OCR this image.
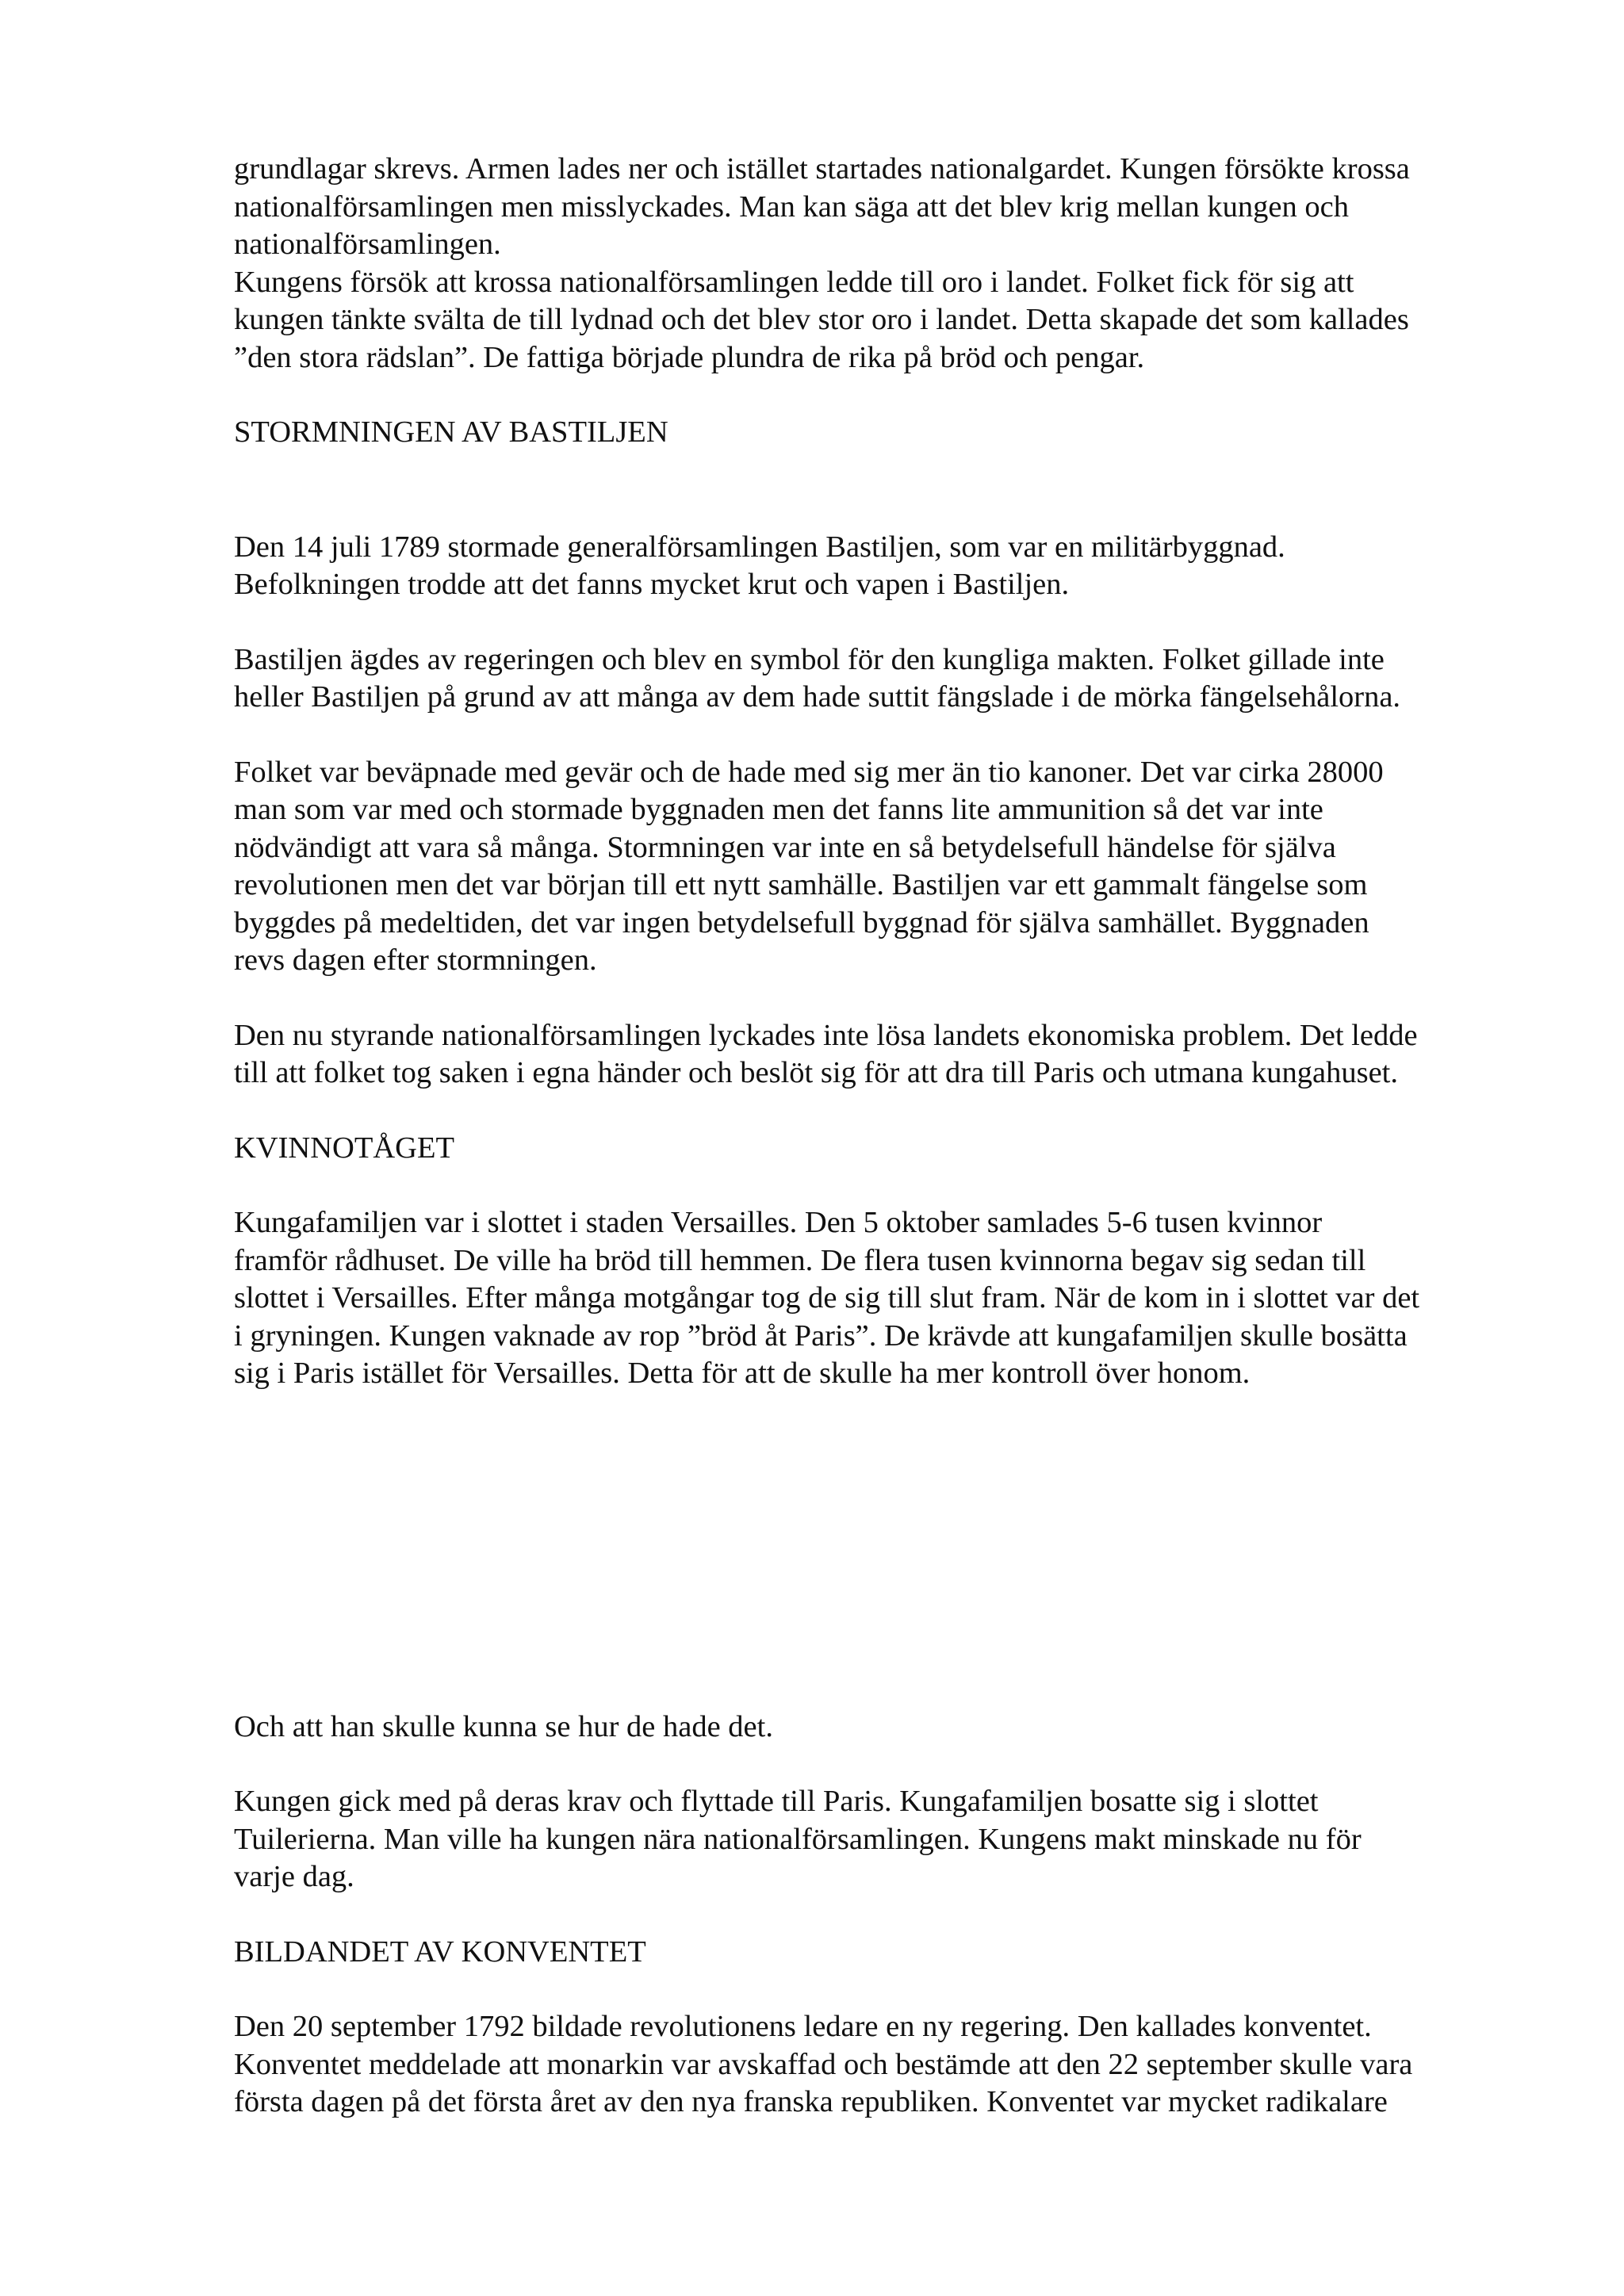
grundlagar skrevs. Armen lades ner och istället startades nationalgardet. Kungen försökte krossa
nationalförsamlingen men misslyckades. Man kan säga att det blev krig mellan kungen och
nationalförsamlingen.
Kungens försök att krossa nationalförsamlingen ledde till oro i landet. Folket fick för sig att
kungen tänkte svälta de till lydnad och det blev stor oro i landet. Detta skapade det som kallades
”den stora rädslan”. De fattiga började plundra de rika på bröd och pengar.

STORMNINGEN AV BASTILJEN

Den 14 juli 1789 stormade generalförsamlingen Bastiljen, som var en militärbyggnad.
Befolkningen trodde att det fanns mycket krut och vapen i Bastiljen.

Bastiljen ägdes av regeringen och blev en symbol för den kungliga makten. Folket gillade inte
heller Bastiljen på grund av att många av dem hade suttit fängslade i de mörka fängelsehålorna.

Folket var beväpnade med gevär och de hade med sig mer än tio kanoner. Det var cirka 28000
man som var med och stormade byggnaden men det fanns lite ammunition så det var inte
nödvändigt att vara så många. Stormningen var inte en så betydelsefull händelse för själva
revolutionen men det var början till ett nytt samhälle. Bastiljen var ett gammalt fängelse som
byggdes på medeltiden, det var ingen betydelsefull byggnad för själva samhället. Byggnaden
revs dagen efter stormningen.

Den nu styrande nationalförsamlingen lyckades inte lösa landets ekonomiska problem. Det ledde
till att folket tog saken i egna händer och beslöt sig för att dra till Paris och utmana kungahuset.

KVINNOTÅGET

Kungafamiljen var i slottet i staden Versailles. Den 5 oktober samlades 5-6 tusen kvinnor
framför rådhuset. De ville ha bröd till hemmen. De flera tusen kvinnorna begav sig sedan till
slottet i Versailles. Efter många motgångar tog de sig till slut fram. När de kom in i slottet var det
i gryningen. Kungen vaknade av rop ”bröd åt Paris”. De krävde att kungafamiljen skulle bosätta
sig i Paris istället för Versailles. Detta för att de skulle ha mer kontroll över honom.

Och att han skulle kunna se hur de hade det.

Kungen gick med på deras krav och flyttade till Paris. Kungafamiljen bosatte sig i slottet
Tuilerierna. Man ville ha kungen nära nationalförsamlingen. Kungens makt minskade nu för
varje dag.

BILDANDET AV KONVENTET

Den 20 september 1792 bildade revolutionens ledare en ny regering. Den kallades konventet.
Konventet meddelade att monarkin var avskaffad och bestämde att den 22 september skulle vara
första dagen på det första året av den nya franska republiken. Konventet var mycket radikalare
